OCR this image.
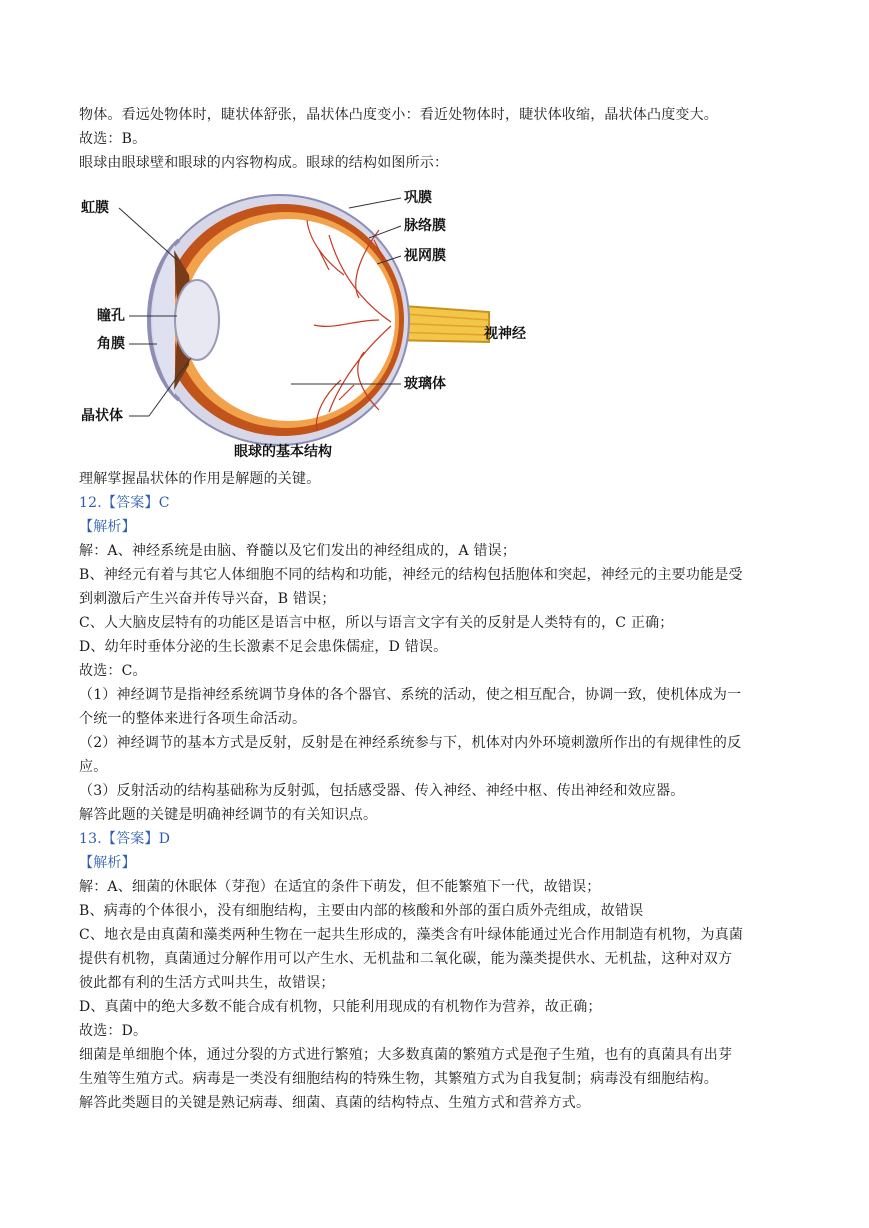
物体。看远处物体时，睫状体舒张，晶状体凸度变小：看近处物体时，睫状体收缩，晶状体凸度变大。
故选：B。
眼球由眼球壁和眼球的内容物构成。眼球的结构如图所示：
虹膜
巩膜
脉络膜
视网膜
瞳孔
角膜
视神经
玻璃体
晶状体
眼球的基本结构
理解掌握晶状体的作用是解题的关键。
12.【答案】C
【解析】
解：A、神经系统是由脑、脊髓以及它们发出的神经组成的，A 错误；
B、神经元有着与其它人体细胞不同的结构和功能，神经元的结构包括胞体和突起，神经元的主要功能是受
到刺激后产生兴奋并传导兴奋，B 错误；
C、人大脑皮层特有的功能区是语言中枢，所以与语言文字有关的反射是人类特有的，C 正确；
D、幼年时垂体分泌的生长激素不足会患侏儒症，D 错误。
故选：C。
（1）神经调节是指神经系统调节身体的各个器官、系统的活动，使之相互配合，协调一致，使机体成为一
个统一的整体来进行各项生命活动。
（2）神经调节的基本方式是反射，反射是在神经系统参与下，机体对内外环境刺激所作出的有规律性的反
应。
（3）反射活动的结构基础称为反射弧，包括感受器、传入神经、神经中枢、传出神经和效应器。
解答此题的关键是明确神经调节的有关知识点。
13.【答案】D
【解析】
解：A、细菌的休眠体（芽孢）在适宜的条件下萌发，但不能繁殖下一代，故错误；
B、病毒的个体很小，没有细胞结构，主要由内部的核酸和外部的蛋白质外壳组成，故错误
C、地衣是由真菌和藻类两种生物在一起共生形成的，藻类含有叶绿体能通过光合作用制造有机物，为真菌
提供有机物，真菌通过分解作用可以产生水、无机盐和二氧化碳，能为藻类提供水、无机盐，这种对双方
彼此都有利的生活方式叫共生，故错误；
D、真菌中的绝大多数不能合成有机物，只能利用现成的有机物作为营养，故正确；
故选：D。
细菌是单细胞个体，通过分裂的方式进行繁殖；大多数真菌的繁殖方式是孢子生殖，也有的真菌具有出芽
生殖等生殖方式。病毒是一类没有细胞结构的特殊生物，其繁殖方式为自我复制；病毒没有细胞结构。
解答此类题目的关键是熟记病毒、细菌、真菌的结构特点、生殖方式和营养方式。
